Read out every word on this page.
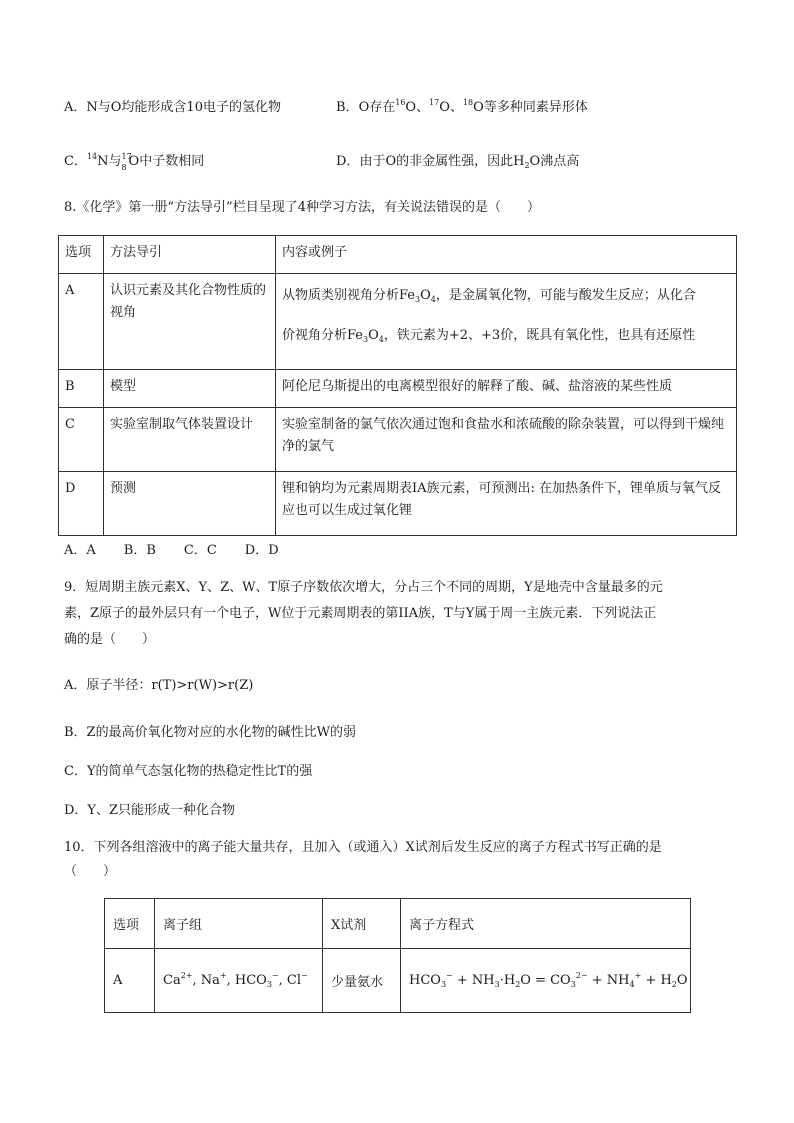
A．N与O均能形成含10电子的氢化物	B．O存在$^{16}$O、$^{17}$O、$^{18}$O等多种同素异形体
C．$^{14}$N与 17
8 O中子数相同	D．由于O的非金属性强，因此$H_2O$沸点高
8.《化学》第一册“方法导引”栏目呈现了4种学习方法，有关说法错误的是（　　）
选项	方法导引	内容或例子
A	认识元素及其化合物性质的视角	从物质类别视角分析$Fe_3O_4$，是金属氧化物，可能与酸发生反应；从化合
价视角分析$Fe_3O_4$，铁元素为+2、+3价，既具有氧化性，也具有还原性

B	模型	阿伦尼乌斯提出的电离模型很好的解释了酸、碱、盐溶液的某些性质
C	实验室制取气体装置设计	实验室制备的氯气依次通过饱和食盐水和浓硫酸的除杂装置，可以得到干燥纯净的氯气
D	预测	锂和钠均为元素周期表IA族元素，可预测出: 在加热条件下，锂单质与氧气反应也可以生成过氧化锂
A．A B．B C．C D．D
9．短周期主族元素X、Y、Z、W、T原子序数依次增大，分占三个不同的周期，Y是地壳中含量最多的元
素，Z原子的最外层只有一个电子，W位于元素周期表的第IIA族，T与Y属于周一主族元素．下列说法正
确的是（　　）
A．原子半径：r(T)>r(W)>r(Z)
B．Z的最高价氧化物对应的水化物的碱性比W的弱
C．Y的简单气态氢化物的热稳定性比T的强
D．Y、Z只能形成一种化合物
10．下列各组溶液中的离子能大量共存，且加入（或通入）X试剂后发生反应的离子方程式书写正确的是
（　　）
选项	离子组	X试剂	离子方程式
A	$Ca^{2+}$, Na+, $HCO_3^-$, Cl−	少量氨水	$HCO_3^- + NH_3\cdot H_2O = CO_3^{2-} + NH_4^+ + H_2O$
